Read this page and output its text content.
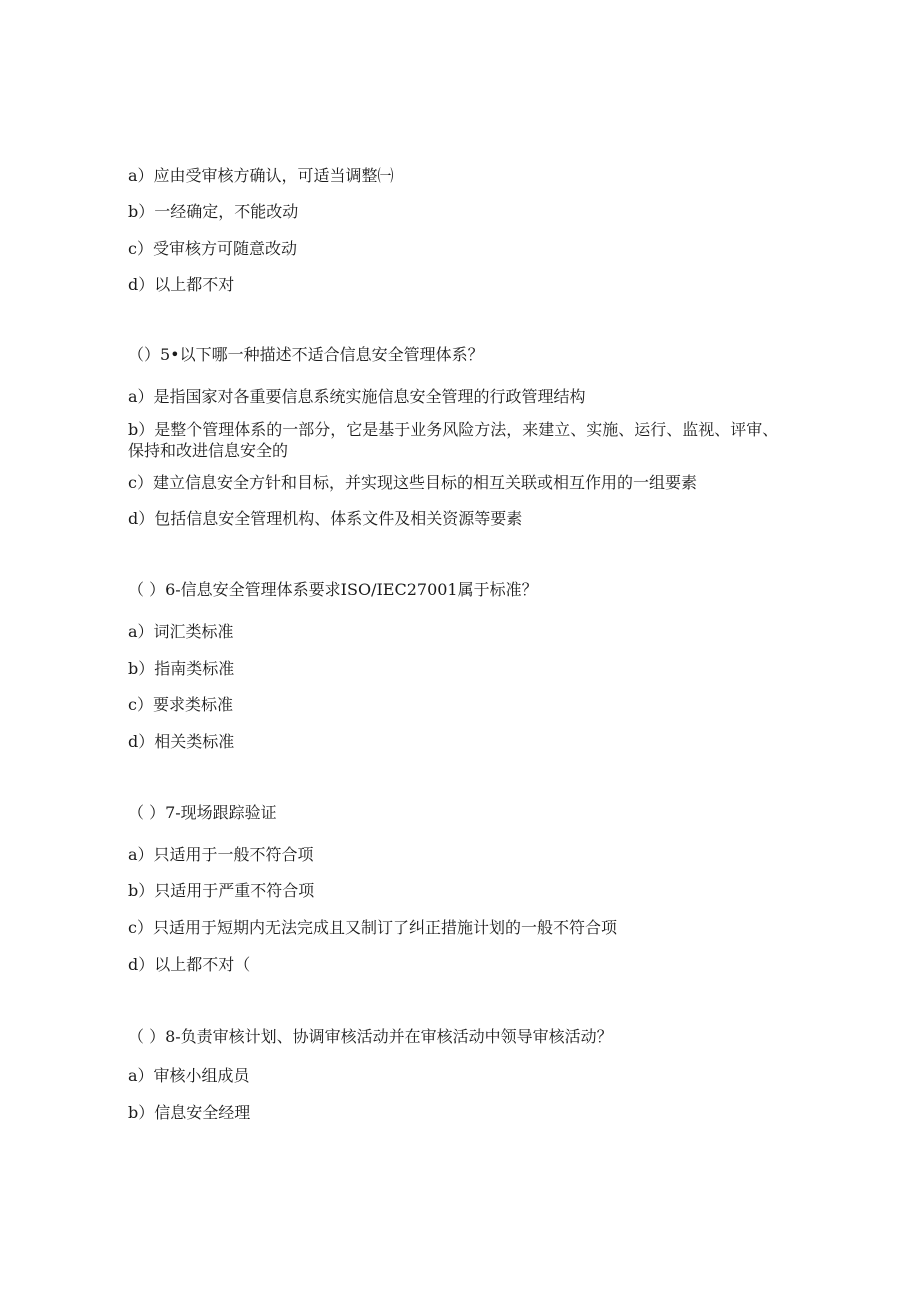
a）应由受审核方确认，可适当调整㈠
b）一经确定，不能改动
c）受审核方可随意改动
d）以上都不对
（）5•以下哪一种描述不适合信息安全管理体系？
a）是指国家对各重要信息系统实施信息安全管理的行政管理结构
b）是整个管理体系的一部分，它是基于业务风险方法，来建立、实施、运行、监视、评审、保持和改进信息安全的
c）建立信息安全方针和目标，并实现这些目标的相互关联或相互作用的一组要素
d）包括信息安全管理机构、体系文件及相关资源等要素
（ ）6-信息安全管理体系要求ISO/IEC27001属于标准？
a）词汇类标准
b）指南类标准
c）要求类标准
d）相关类标准
（ ）7-现场跟踪验证
a）只适用于一般不符合项
b）只适用于严重不符合项
c）只适用于短期内无法完成且又制订了纠正措施计划的一般不符合项
d）以上都不对（
（ ）8-负责审核计划、协调审核活动并在审核活动中领导审核活动？
a）审核小组成员
b）信息安全经理
